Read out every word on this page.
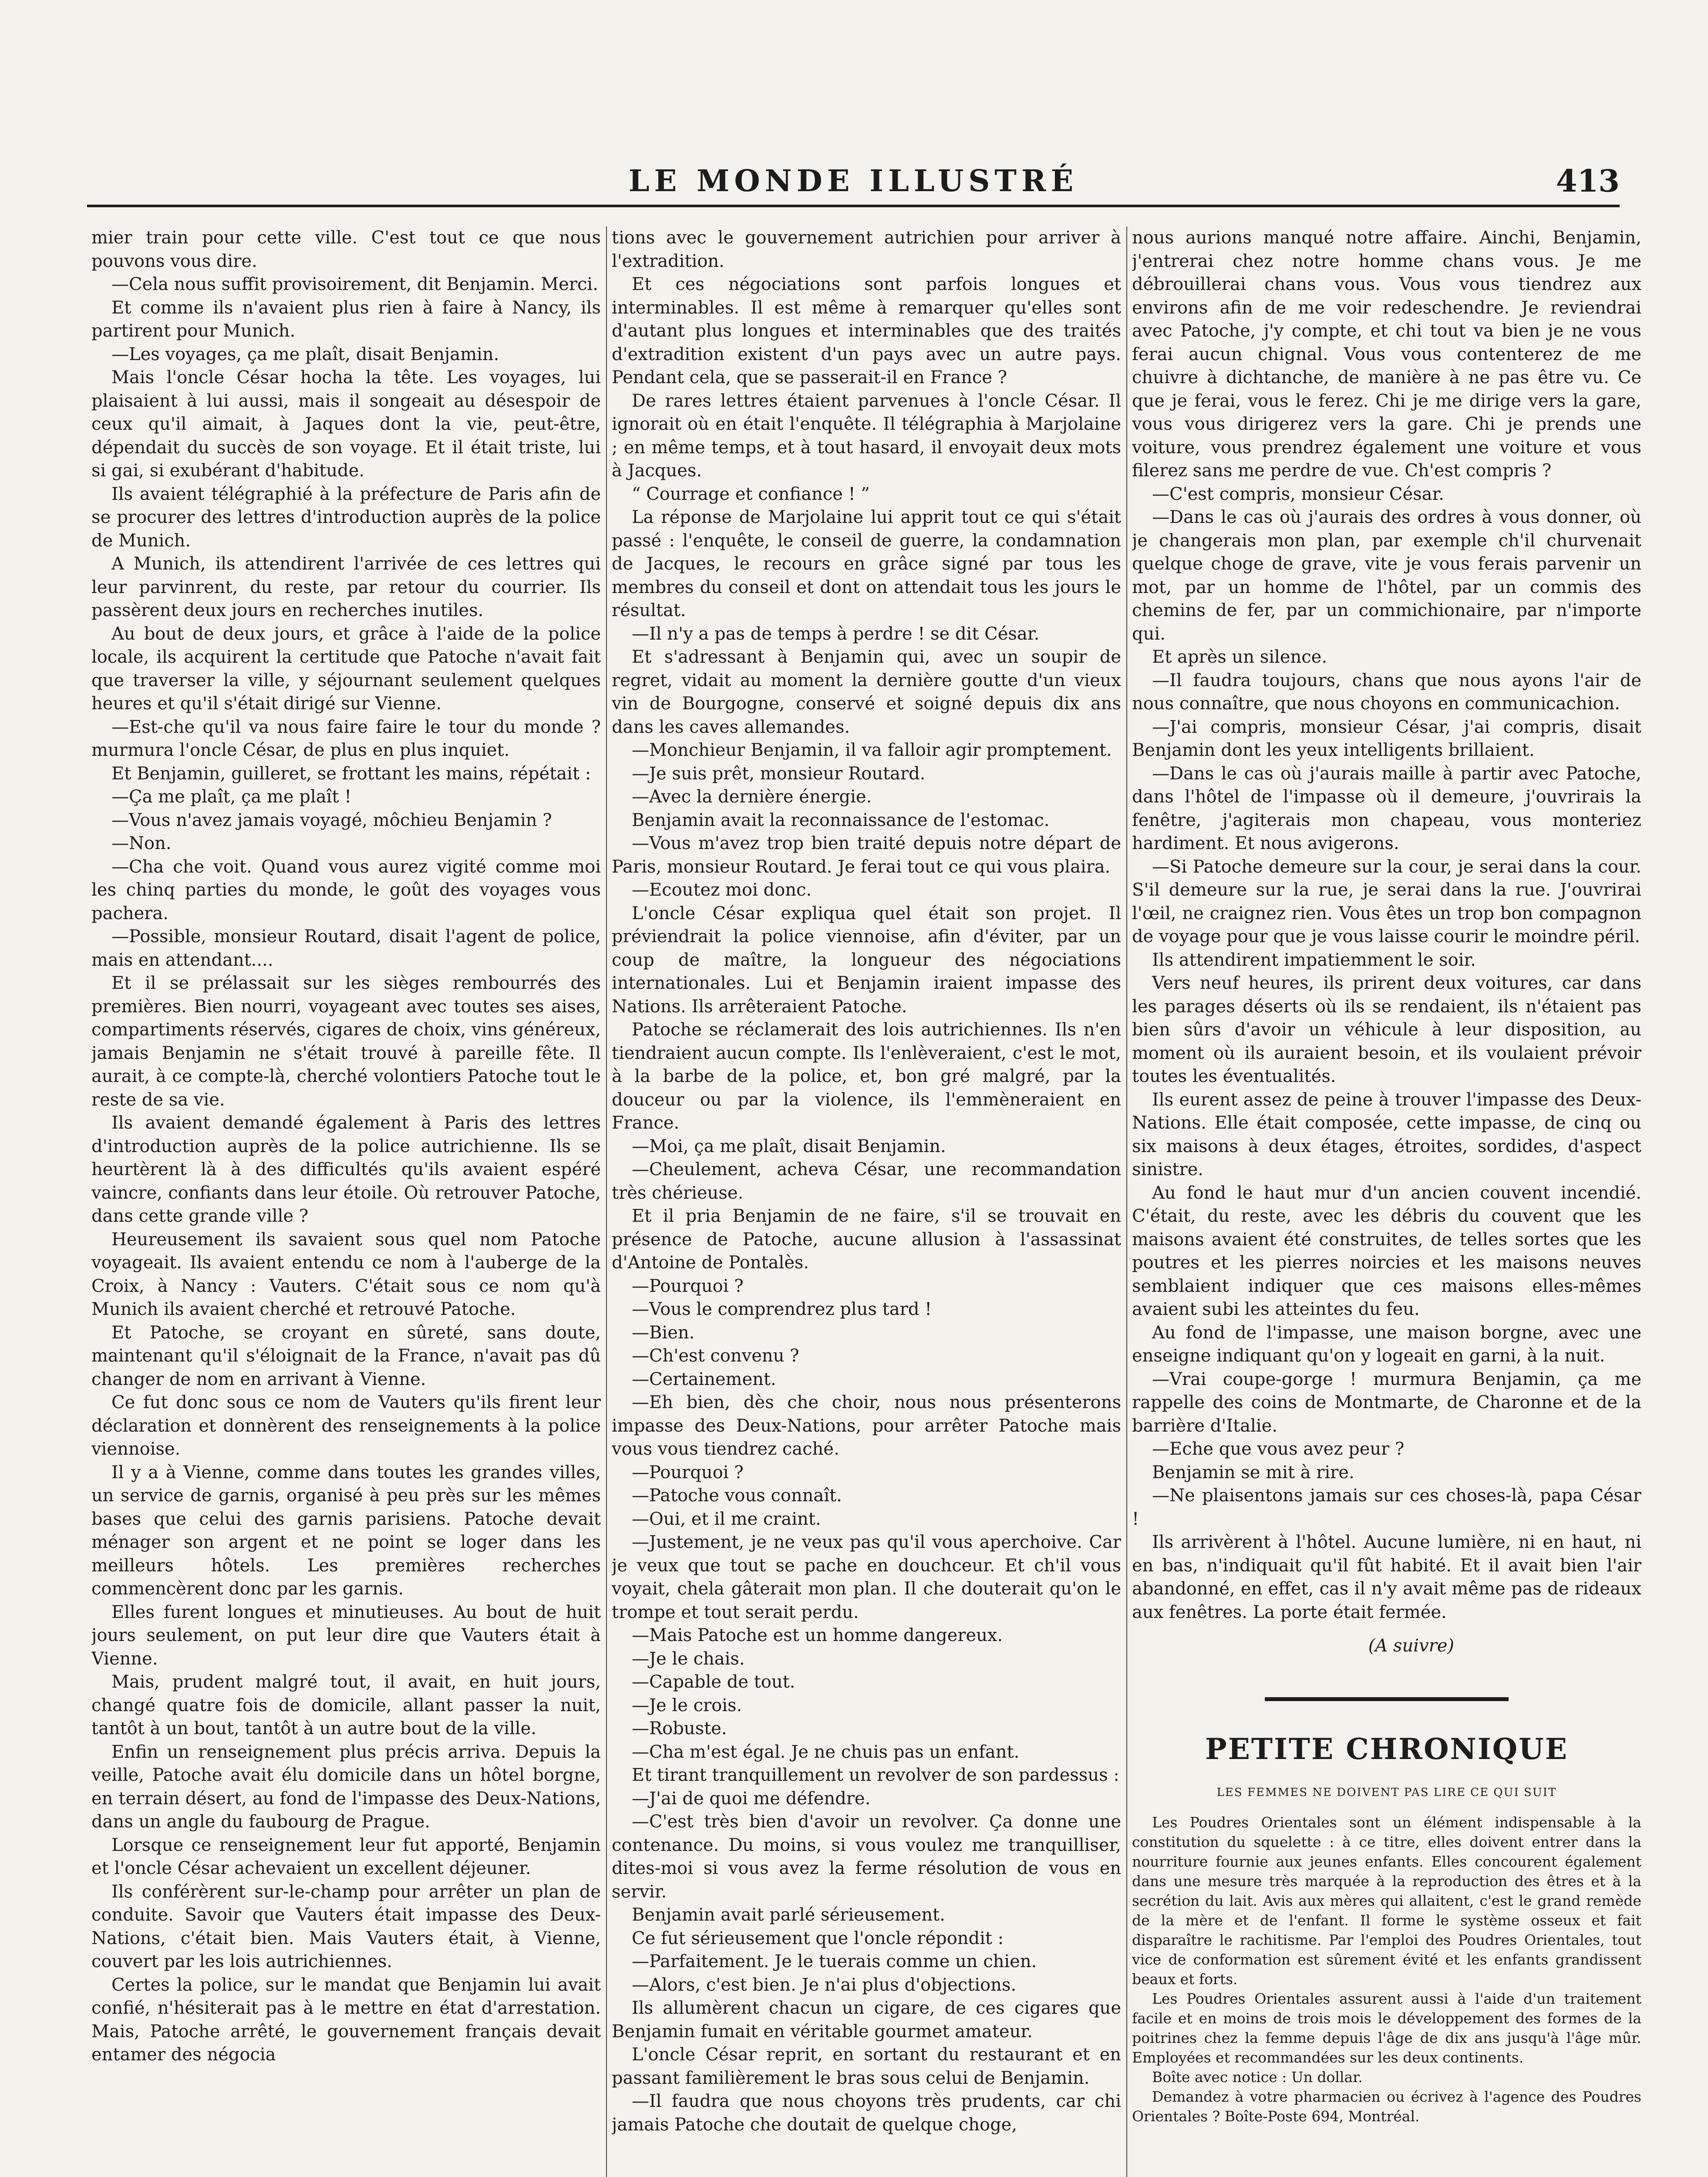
LE MONDE ILLUSTRÉ	413

mier train pour cette ville. C'est tout ce que nous pouvons vous dire.

—Cela nous suffit provisoirement, dit Benjamin. Merci.

Et comme ils n'avaient plus rien à faire à Nancy, ils partirent pour Munich.

—Les voyages, ça me plaît, disait Benjamin.

Mais l'oncle César hocha la tête. Les voyages, lui plaisaient à lui aussi, mais il songeait au désespoir de ceux qu'il aimait, à Jaques dont la vie, peut-être, dépendait du succès de son voyage. Et il était triste, lui si gai, si exubérant d'habitude.

Ils avaient télégraphié à la préfecture de Paris afin de se procurer des lettres d'introduction auprès de la police de Munich.

A Munich, ils attendirent l'arrivée de ces lettres qui leur parvinrent, du reste, par retour du courrier. Ils passèrent deux jours en recherches inutiles.

Au bout de deux jours, et grâce à l'aide de la police locale, ils acquirent la certitude que Patoche n'avait fait que traverser la ville, y séjournant seulement quelques heures et qu'il s'était dirigé sur Vienne.

—Est-che qu'il va nous faire faire le tour du monde ? murmura l'oncle César, de plus en plus inquiet.

Et Benjamin, guilleret, se frottant les mains, répétait :

—Ça me plaît, ça me plaît !

—Vous n'avez jamais voyagé, môchieu Benjamin ?

—Non.

—Cha che voit. Quand vous aurez vigité comme moi les chinq parties du monde, le goût des voyages vous pachera.

—Possible, monsieur Routard, disait l'agent de police, mais en attendant....

Et il se prélassait sur les sièges rembourrés des premières. Bien nourri, voyageant avec toutes ses aises, compartiments réservés, cigares de choix, vins généreux, jamais Benjamin ne s'était trouvé à pareille fête. Il aurait, à ce compte-là, cherché volontiers Patoche tout le reste de sa vie.

Ils avaient demandé également à Paris des lettres d'introduction auprès de la police autrichienne. Ils se heurtèrent là à des difficultés qu'ils avaient espéré vaincre, confiants dans leur étoile. Où retrouver Patoche, dans cette grande ville ?

Heureusement ils savaient sous quel nom Patoche voyageait. Ils avaient entendu ce nom à l'auberge de la Croix, à Nancy : Vauters. C'était sous ce nom qu'à Munich ils avaient cherché et retrouvé Patoche.

Et Patoche, se croyant en sûreté, sans doute, maintenant qu'il s'éloignait de la France, n'avait pas dû changer de nom en arrivant à Vienne.

Ce fut donc sous ce nom de Vauters qu'ils firent leur déclaration et donnèrent des renseignements à la police viennoise.

Il y a à Vienne, comme dans toutes les grandes villes, un service de garnis, organisé à peu près sur les mêmes bases que celui des garnis parisiens. Patoche devait ménager son argent et ne point se loger dans les meilleurs hôtels. Les premières recherches commencèrent donc par les garnis.

Elles furent longues et minutieuses. Au bout de huit jours seulement, on put leur dire que Vauters était à Vienne.

Mais, prudent malgré tout, il avait, en huit jours, changé quatre fois de domicile, allant passer la nuit, tantôt à un bout, tantôt à un autre bout de la ville.

Enfin un renseignement plus précis arriva. Depuis la veille, Patoche avait élu domicile dans un hôtel borgne, en terrain désert, au fond de l'impasse des Deux-Nations, dans un angle du faubourg de Prague.

Lorsque ce renseignement leur fut apporté, Benjamin et l'oncle César achevaient un excellent déjeuner.

Ils conférèrent sur-le-champ pour arrêter un plan de conduite. Savoir que Vauters était impasse des Deux-Nations, c'était bien. Mais Vauters était, à Vienne, couvert par les lois autrichiennes.

Certes la police, sur le mandat que Benjamin lui avait confié, n'hésiterait pas à le mettre en état d'arrestation. Mais, Patoche arrêté, le gouvernement français devait entamer des négocia

tions avec le gouvernement autrichien pour arriver à l'extradition.

Et ces négociations sont parfois longues et interminables. Il est même à remarquer qu'elles sont d'autant plus longues et interminables que des traités d'extradition existent d'un pays avec un autre pays. Pendant cela, que se passerait-il en France ?

De rares lettres étaient parvenues à l'oncle César. Il ignorait où en était l'enquête. Il télégraphia à Marjolaine ; en même temps, et à tout hasard, il envoyait deux mots à Jacques.

“ Courrage et confiance ! ”

La réponse de Marjolaine lui apprit tout ce qui s'était passé : l'enquête, le conseil de guerre, la condamnation de Jacques, le recours en grâce signé par tous les membres du conseil et dont on attendait tous les jours le résultat.

—Il n'y a pas de temps à perdre ! se dit César.

Et s'adressant à Benjamin qui, avec un soupir de regret, vidait au moment la dernière goutte d'un vieux vin de Bourgogne, conservé et soigné depuis dix ans dans les caves allemandes.

—Monchieur Benjamin, il va falloir agir promptement.

—Je suis prêt, monsieur Routard.

—Avec la dernière énergie.

Benjamin avait la reconnaissance de l'estomac.

—Vous m'avez trop bien traité depuis notre départ de Paris, monsieur Routard. Je ferai tout ce qui vous plaira.

—Ecoutez moi donc.

L'oncle César expliqua quel était son projet. Il préviendrait la police viennoise, afin d'éviter, par un coup de maître, la longueur des négociations internationales. Lui et Benjamin iraient impasse des Nations. Ils arrêteraient Patoche.

Patoche se réclamerait des lois autrichiennes. Ils n'en tiendraient aucun compte. Ils l'enlèveraient, c'est le mot, à la barbe de la police, et, bon gré malgré, par la douceur ou par la violence, ils l'emmèneraient en France.

—Moi, ça me plaît, disait Benjamin.

—Cheulement, acheva César, une recommandation très chérieuse.

Et il pria Benjamin de ne faire, s'il se trouvait en présence de Patoche, aucune allusion à l'assassinat d'Antoine de Pontalès.

—Pourquoi ?

—Vous le comprendrez plus tard !

—Bien.

—Ch'est convenu ?

—Certainement.

—Eh bien, dès che choir, nous nous présenterons impasse des Deux-Nations, pour arrêter Patoche mais vous vous tiendrez caché.

—Pourquoi ?

—Patoche vous connaît.

—Oui, et il me craint.

—Justement, je ne veux pas qu'il vous aperchoive. Car je veux que tout se pache en douchceur. Et ch'il vous voyait, chela gâterait mon plan. Il che douterait qu'on le trompe et tout serait perdu.

—Mais Patoche est un homme dangereux.

—Je le chais.

—Capable de tout.

—Je le crois.

—Robuste.

—Cha m'est égal. Je ne chuis pas un enfant.

Et tirant tranquillement un revolver de son pardessus :

—J'ai de quoi me défendre.

—C'est très bien d'avoir un revolver. Ça donne une contenance. Du moins, si vous voulez me tranquilliser, dites-moi si vous avez la ferme résolution de vous en servir.

Benjamin avait parlé sérieusement.

Ce fut sérieusement que l'oncle répondit :

—Parfaitement. Je le tuerais comme un chien.

—Alors, c'est bien. Je n'ai plus d'objections.

Ils allumèrent chacun un cigare, de ces cigares que Benjamin fumait en véritable gourmet amateur.

L'oncle César reprit, en sortant du restaurant et en passant familièrement le bras sous celui de Benjamin.

—Il faudra que nous choyons très prudents, car chi jamais Patoche che doutait de quelque choge,

nous aurions manqué notre affaire. Ainchi, Benjamin, j'entrerai chez notre homme chans vous. Je me débrouillerai chans vous. Vous vous tiendrez aux environs afin de me voir redeschendre. Je reviendrai avec Patoche, j'y compte, et chi tout va bien je ne vous ferai aucun chignal. Vous vous contenterez de me chuivre à dichtanche, de manière à ne pas être vu. Ce que je ferai, vous le ferez. Chi je me dirige vers la gare, vous vous dirigerez vers la gare. Chi je prends une voiture, vous prendrez également une voiture et vous filerez sans me perdre de vue. Ch'est compris ?

—C'est compris, monsieur César.

—Dans le cas où j'aurais des ordres à vous donner, où je changerais mon plan, par exemple ch'il churvenait quelque choge de grave, vite je vous ferais parvenir un mot, par un homme de l'hôtel, par un commis des chemins de fer, par un commichionaire, par n'importe qui.

Et après un silence.

—Il faudra toujours, chans que nous ayons l'air de nous connaître, que nous choyons en communicachion.

—J'ai compris, monsieur César, j'ai compris, disait Benjamin dont les yeux intelligents brillaient.

—Dans le cas où j'aurais maille à partir avec Patoche, dans l'hôtel de l'impasse où il demeure, j'ouvrirais la fenêtre, j'agiterais mon chapeau, vous monteriez hardiment. Et nous avigerons.

—Si Patoche demeure sur la cour, je serai dans la cour. S'il demeure sur la rue, je serai dans la rue. J'ouvrirai l'œil, ne craignez rien. Vous êtes un trop bon compagnon de voyage pour que je vous laisse courir le moindre péril.

Ils attendirent impatiemment le soir.

Vers neuf heures, ils prirent deux voitures, car dans les parages déserts où ils se rendaient, ils n'étaient pas bien sûrs d'avoir un véhicule à leur disposition, au moment où ils auraient besoin, et ils voulaient prévoir toutes les éventualités.

Ils eurent assez de peine à trouver l'impasse des Deux-Nations. Elle était composée, cette impasse, de cinq ou six maisons à deux étages, étroites, sordides, d'aspect sinistre.

Au fond le haut mur d'un ancien couvent incendié. C'était, du reste, avec les débris du couvent que les maisons avaient été construites, de telles sortes que les poutres et les pierres noircies et les maisons neuves semblaient indiquer que ces maisons elles-mêmes avaient subi les atteintes du feu.

Au fond de l'impasse, une maison borgne, avec une enseigne indiquant qu'on y logeait en garni, à la nuit.

—Vrai coupe-gorge ! murmura Benjamin, ça me rappelle des coins de Montmarte, de Charonne et de la barrière d'Italie.

—Eche que vous avez peur ?

Benjamin se mit à rire.

—Ne plaisentons jamais sur ces choses-là, papa César !

Ils arrivèrent à l'hôtel. Aucune lumière, ni en haut, ni en bas, n'indiquait qu'il fût habité. Et il avait bien l'air abandonné, en effet, cas il n'y avait même pas de rideaux aux fenêtres. La porte était fermée.

(A suivre)

PETITE CHRONIQUE
LES FEMMES NE DOIVENT PAS LIRE CE QUI SUIT

Les Poudres Orientales sont un élément indispensable à la constitution du squelette : à ce titre, elles doivent entrer dans la nourriture fournie aux jeunes enfants. Elles concourent également dans une mesure très marquée à la reproduction des êtres et à la secrétion du lait. Avis aux mères qui allaitent, c'est le grand remède de la mère et de l'enfant. Il forme le système osseux et fait disparaître le rachitisme. Par l'emploi des Poudres Orientales, tout vice de conformation est sûrement évité et les enfants grandissent beaux et forts.

Les Poudres Orientales assurent aussi à l'aide d'un traitement facile et en moins de trois mois le développement des formes de la poitrines chez la femme depuis l'âge de dix ans jusqu'à l'âge mûr. Employées et recommandées sur les deux continents.

Boîte avec notice : Un dollar.

Demandez à votre pharmacien ou écrivez à l'agence des Poudres Orientales ? Boîte-Poste 694, Montréal.
